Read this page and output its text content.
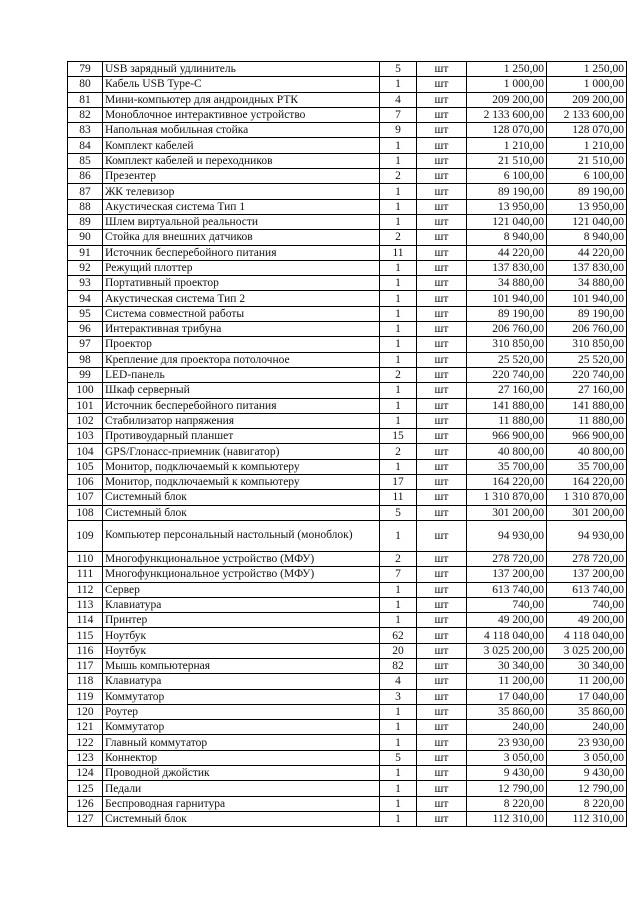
79	USB зарядный удлинитель	5	шт	1 250,00	1 250,00
80	Кабель USB Type-C	1	шт	1 000,00	1 000,00
81	Мини-компьютер для андроидных РТК	4	шт	209 200,00	209 200,00
82	Моноблочное интерактивное устройство	7	шт	2 133 600,00	2 133 600,00
83	Напольная мобильная стойка	9	шт	128 070,00	128 070,00
84	Комплект кабелей	1	шт	1 210,00	1 210,00
85	Комплект кабелей и переходников	1	шт	21 510,00	21 510,00
86	Презентер	2	шт	6 100,00	6 100,00
87	ЖК телевизор	1	шт	89 190,00	89 190,00
88	Акустическая система Тип 1	1	шт	13 950,00	13 950,00
89	Шлем виртуальной реальности	1	шт	121 040,00	121 040,00
90	Стойка для внешних датчиков	2	шт	8 940,00	8 940,00
91	Источник бесперебойного питания	11	шт	44 220,00	44 220,00
92	Режущий плоттер	1	шт	137 830,00	137 830,00
93	Портативный проектор	1	шт	34 880,00	34 880,00
94	Акустическая система Тип 2	1	шт	101 940,00	101 940,00
95	Система совместной работы	1	шт	89 190,00	89 190,00
96	Интерактивная трибуна	1	шт	206 760,00	206 760,00
97	Проектор	1	шт	310 850,00	310 850,00
98	Крепление для проектора потолочное	1	шт	25 520,00	25 520,00
99	LED-панель	2	шт	220 740,00	220 740,00
100	Шкаф серверный	1	шт	27 160,00	27 160,00
101	Источник бесперебойного питания	1	шт	141 880,00	141 880,00
102	Стабилизатор напряжения	1	шт	11 880,00	11 880,00
103	Противоударный планшет	15	шт	966 900,00	966 900,00
104	GPS/Глонасс-приемник (навигатор)	2	шт	40 800,00	40 800,00
105	Монитор, подключаемый к компьютеру	1	шт	35 700,00	35 700,00
106	Монитор, подключаемый к компьютеру	17	шт	164 220,00	164 220,00
107	Системный блок	11	шт	1 310 870,00	1 310 870,00
108	Системный блок	5	шт	301 200,00	301 200,00
109	Компьютер персональный настольный (моноблок)	1	шт	94 930,00	94 930,00
110	Многофункциональное устройство (МФУ)	2	шт	278 720,00	278 720,00
111	Многофункциональное устройство (МФУ)	7	шт	137 200,00	137 200,00
112	Сервер	1	шт	613 740,00	613 740,00
113	Клавиатура	1	шт	740,00	740,00
114	Принтер	1	шт	49 200,00	49 200,00
115	Ноутбук	62	шт	4 118 040,00	4 118 040,00
116	Ноутбук	20	шт	3 025 200,00	3 025 200,00
117	Мышь компьютерная	82	шт	30 340,00	30 340,00
118	Клавиатура	4	шт	11 200,00	11 200,00
119	Коммутатор	3	шт	17 040,00	17 040,00
120	Роутер	1	шт	35 860,00	35 860,00
121	Коммутатор	1	шт	240,00	240,00
122	Главный коммутатор	1	шт	23 930,00	23 930,00
123	Коннектор	5	шт	3 050,00	3 050,00
124	Проводной джойстик	1	шт	9 430,00	9 430,00
125	Педали	1	шт	12 790,00	12 790,00
126	Беспроводная гарнитура	1	шт	8 220,00	8 220,00
127	Системный блок	1	шт	112 310,00	112 310,00
